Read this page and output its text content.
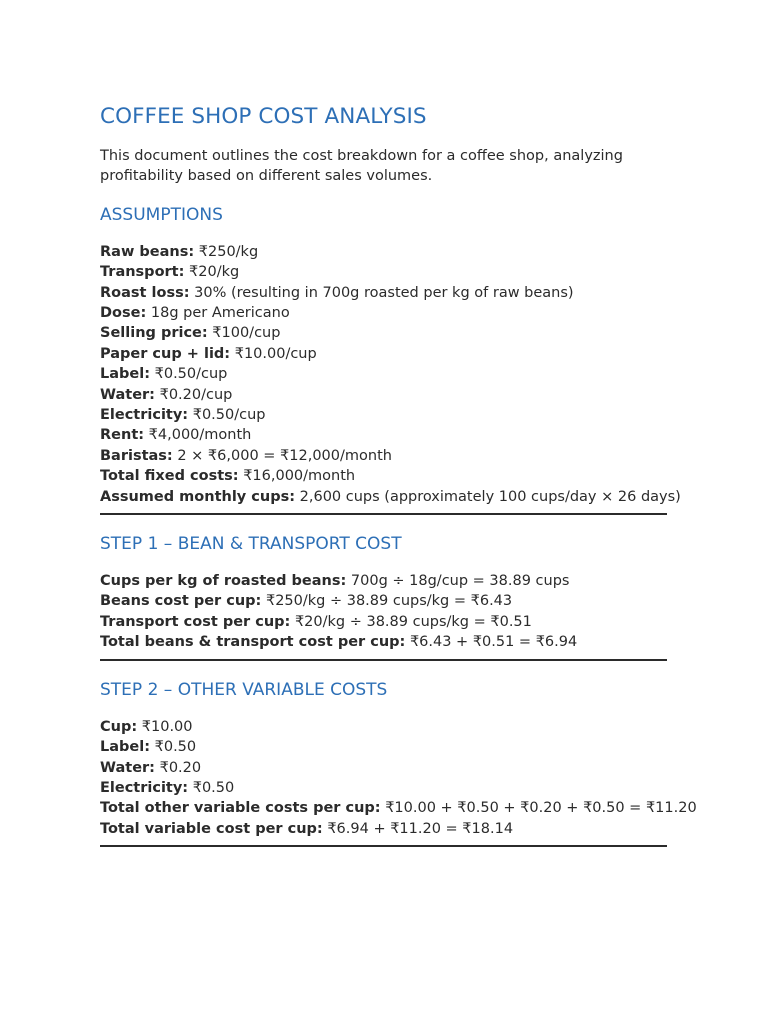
COFFEE SHOP COST ANALYSIS

This document outlines the cost breakdown for a coffee shop, analyzing profitability based on different sales volumes.

ASSUMPTIONS
Raw beans: ₹250/kg
Transport: ₹20/kg
Roast loss: 30% (resulting in 700g roasted per kg of raw beans)
Dose: 18g per Americano
Selling price: ₹100/cup
Paper cup + lid: ₹10.00/cup
Label: ₹0.50/cup
Water: ₹0.20/cup
Electricity: ₹0.50/cup
Rent: ₹4,000/month
Baristas: 2 × ₹6,000 = ₹12,000/month
Total fixed costs: ₹16,000/month
Assumed monthly cups: 2,600 cups (approximately 100 cups/day × 26 days)
STEP 1 – BEAN & TRANSPORT COST
Cups per kg of roasted beans: 700g ÷ 18g/cup = 38.89 cups
Beans cost per cup: ₹250/kg ÷ 38.89 cups/kg = ₹6.43
Transport cost per cup: ₹20/kg ÷ 38.89 cups/kg = ₹0.51
Total beans & transport cost per cup: ₹6.43 + ₹0.51 = ₹6.94
STEP 2 – OTHER VARIABLE COSTS
Cup: ₹10.00
Label: ₹0.50
Water: ₹0.20
Electricity: ₹0.50
Total other variable costs per cup: ₹10.00 + ₹0.50 + ₹0.20 + ₹0.50 = ₹11.20
Total variable cost per cup: ₹6.94 + ₹11.20 = ₹18.14
